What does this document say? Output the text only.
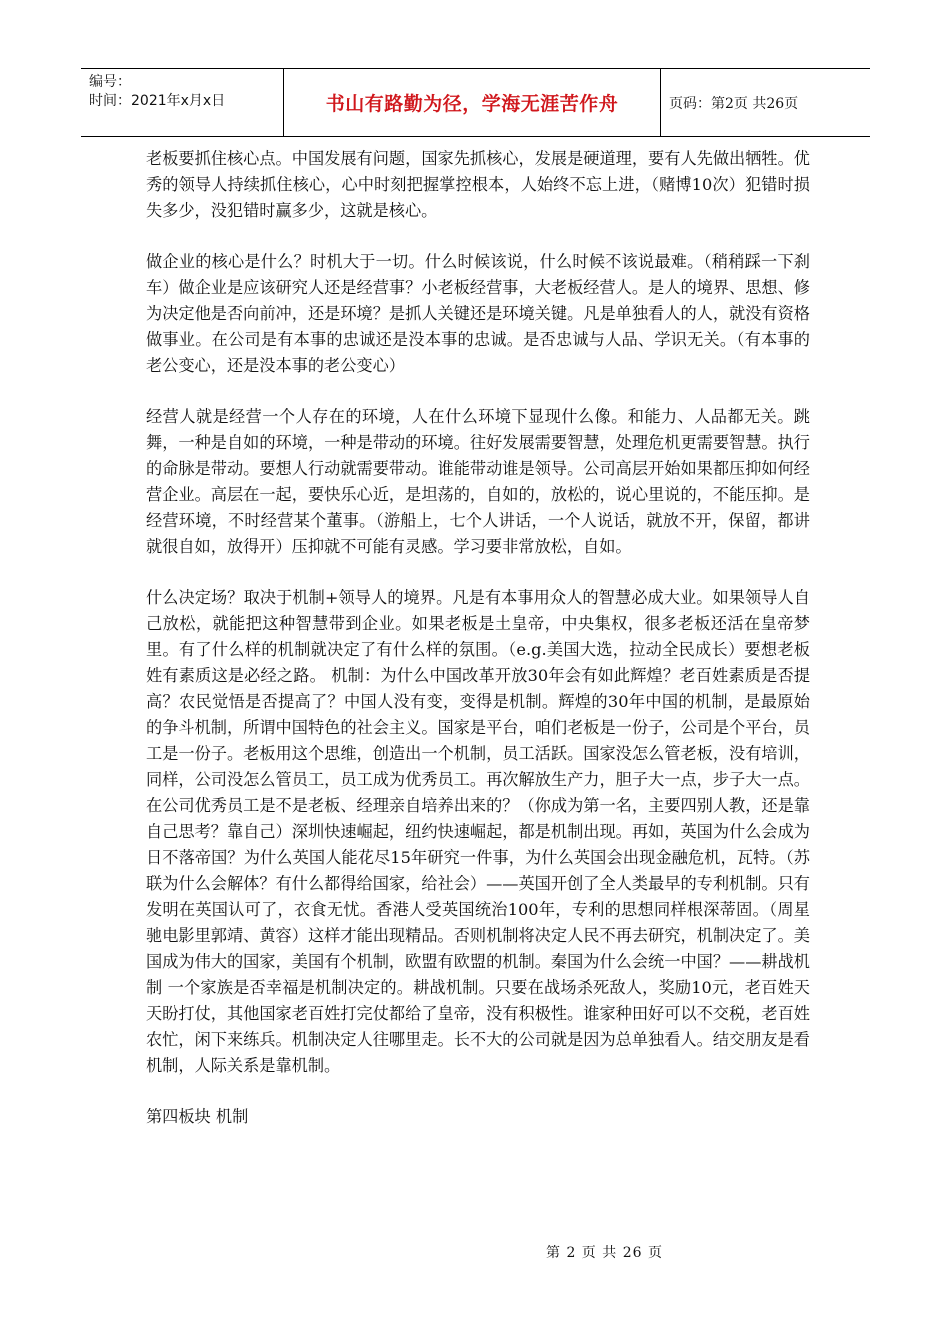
编号：
时间：2021年x月x日	书山有路勤为径，学海无涯苦作舟	页码：第2页 共26页

老板要抓住核心点。中国发展有问题，国家先抓核心，发展是硬道理，要有人先做出牺牲。优秀的领导人持续抓住核心，心中时刻把握掌控根本，人始终不忘上进，（赌博10次）犯错时损失多少，没犯错时赢多少，这就是核心。

做企业的核心是什么？时机大于一切。什么时候该说，什么时候不该说最难。（稍稍踩一下刹车）做企业是应该研究人还是经营事？小老板经营事，大老板经营人。是人的境界、思想、修为决定他是否向前冲，还是环境？是抓人关键还是环境关键。凡是单独看人的人，就没有资格做事业。在公司是有本事的忠诚还是没本事的忠诚。是否忠诚与人品、学识无关。（有本事的老公变心，还是没本事的老公变心）

经营人就是经营一个人存在的环境，人在什么环境下显现什么像。和能力、人品都无关。跳舞，一种是自如的环境，一种是带动的环境。往好发展需要智慧，处理危机更需要智慧。执行的命脉是带动。要想人行动就需要带动。谁能带动谁是领导。公司高层开始如果都压抑如何经营企业。高层在一起，要快乐心近，是坦荡的，自如的，放松的，说心里说的，不能压抑。是经营环境，不时经营某个董事。（游船上，七个人讲话，一个人说话，就放不开，保留，都讲就很自如，放得开）压抑就不可能有灵感。学习要非常放松，自如。

什么决定场？取决于机制+领导人的境界。凡是有本事用众人的智慧必成大业。如果领导人自己放松，就能把这种智慧带到企业。如果老板是土皇帝，中央集权，很多老板还活在皇帝梦里。有了什么样的机制就决定了有什么样的氛围。（e.g.美国大选，拉动全民成长）要想老板姓有素质这是必经之路。 机制：为什么中国改革开放30年会有如此辉煌？老百姓素质是否提高？农民觉悟是否提高了？中国人没有变，变得是机制。辉煌的30年中国的机制，是最原始的争斗机制，所谓中国特色的社会主义。国家是平台，咱们老板是一份子，公司是个平台，员工是一份子。老板用这个思维，创造出一个机制，员工活跃。国家没怎么管老板，没有培训，同样，公司没怎么管员工，员工成为优秀员工。再次解放生产力，胆子大一点，步子大一点。在公司优秀员工是不是老板、经理亲自培养出来的？（你成为第一名，主要四别人教，还是靠自己思考？靠自己）深圳快速崛起，纽约快速崛起，都是机制出现。再如，英国为什么会成为日不落帝国？为什么英国人能花尽15年研究一件事，为什么英国会出现金融危机，瓦特。（苏联为什么会解体？有什么都得给国家，给社会）——英国开创了全人类最早的专利机制。只有发明在英国认可了，衣食无忧。香港人受英国统治100年，专利的思想同样根深蒂固。（周星驰电影里郭靖、黄容）这样才能出现精品。否则机制将决定人民不再去研究，机制决定了。美国成为伟大的国家，美国有个机制，欧盟有欧盟的机制。秦国为什么会统一中国？——耕战机制 一个家族是否幸福是机制决定的。耕战机制。只要在战场杀死敌人，奖励10元，老百姓天天盼打仗，其他国家老百姓打完仗都给了皇帝，没有积极性。谁家种田好可以不交税，老百姓农忙，闲下来练兵。机制决定人往哪里走。长不大的公司就是因为总单独看人。结交朋友是看机制，人际关系是靠机制。

第四板块 机制

第 2 页 共 26 页
